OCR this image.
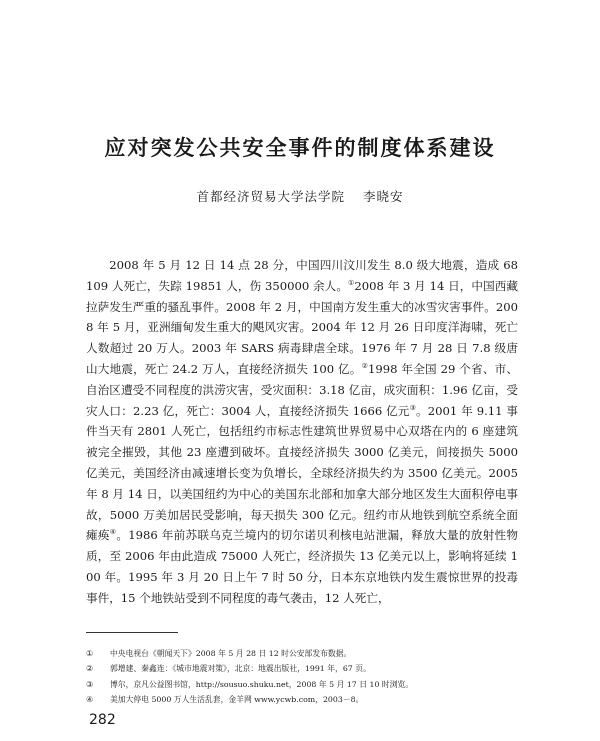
应对突发公共安全事件的制度体系建设
首都经济贸易大学法学院 李晓安

2008 年 5 月 12 日 14 点 28 分，中国四川汶川发生 8.0 级大地震，造成 68109 人死亡，失踪 19851 人，伤 350000 余人。①2008 年 3 月 14 日，中国西藏拉萨发生严重的骚乱事件。2008 年 2 月，中国南方发生重大的冰雪灾害事件。2008 年 5 月，亚洲缅甸发生重大的飓风灾害。2004 年 12 月 26 日印度洋海啸，死亡人数超过 20 万人。2003 年 SARS 病毒肆虐全球。1976 年 7 月 28 日 7.8 级唐山大地震，死亡 24.2 万人，直接经济损失 100 亿。②1998 年全国 29 个省、市、自治区遭受不同程度的洪涝灾害，受灾面积：3.18 亿亩，成灾面积：1.96 亿亩，受灾人口：2.23 亿，死亡：3004 人，直接经济损失 1666 亿元③。2001 年 9.11 事件当天有 2801 人死亡，包括纽约市标志性建筑世界贸易中心双塔在内的 6 座建筑被完全摧毁，其他 23 座遭到破坏。直接经济损失 3000 亿美元，间接损失 5000 亿美元，美国经济由减速增长变为负增长，全球经济损失约为 3500 亿美元。2005 年 8 月 14 日，以美国纽约为中心的美国东北部和加拿大部分地区发生大面积停电事故，5000 万美加居民受影响，每天损失 300 亿元。纽约市从地铁到航空系统全面瘫痪④。1986 年前苏联乌克兰境内的切尔诺贝利核电站泄漏，释放大量的放射性物质，至 2006 年由此造成 75000 人死亡，经济损失 13 亿美元以上，影响将延续 100 年。1995 年 3 月 20 日上午 7 时 50 分，日本东京地铁内发生震惊世界的投毒事件，15 个地铁站受到不同程度的毒气袭击，12 人死亡，

①	中央电视台《朝闻天下》2008 年 5 月 28 日 12 时公安部发布数据。
②	郭增建、秦鑫连：《城市地震对策》，北京：地震出版社，1991 年，67 页。
③	博尔，京凡公益图书馆，http://sousuo.shuku.net，2008 年 5 月 17 日 10 时浏览。
④	美加大停电 5000 万人生活乱套，金羊网 www.ycwb.com，2003－8。
282
